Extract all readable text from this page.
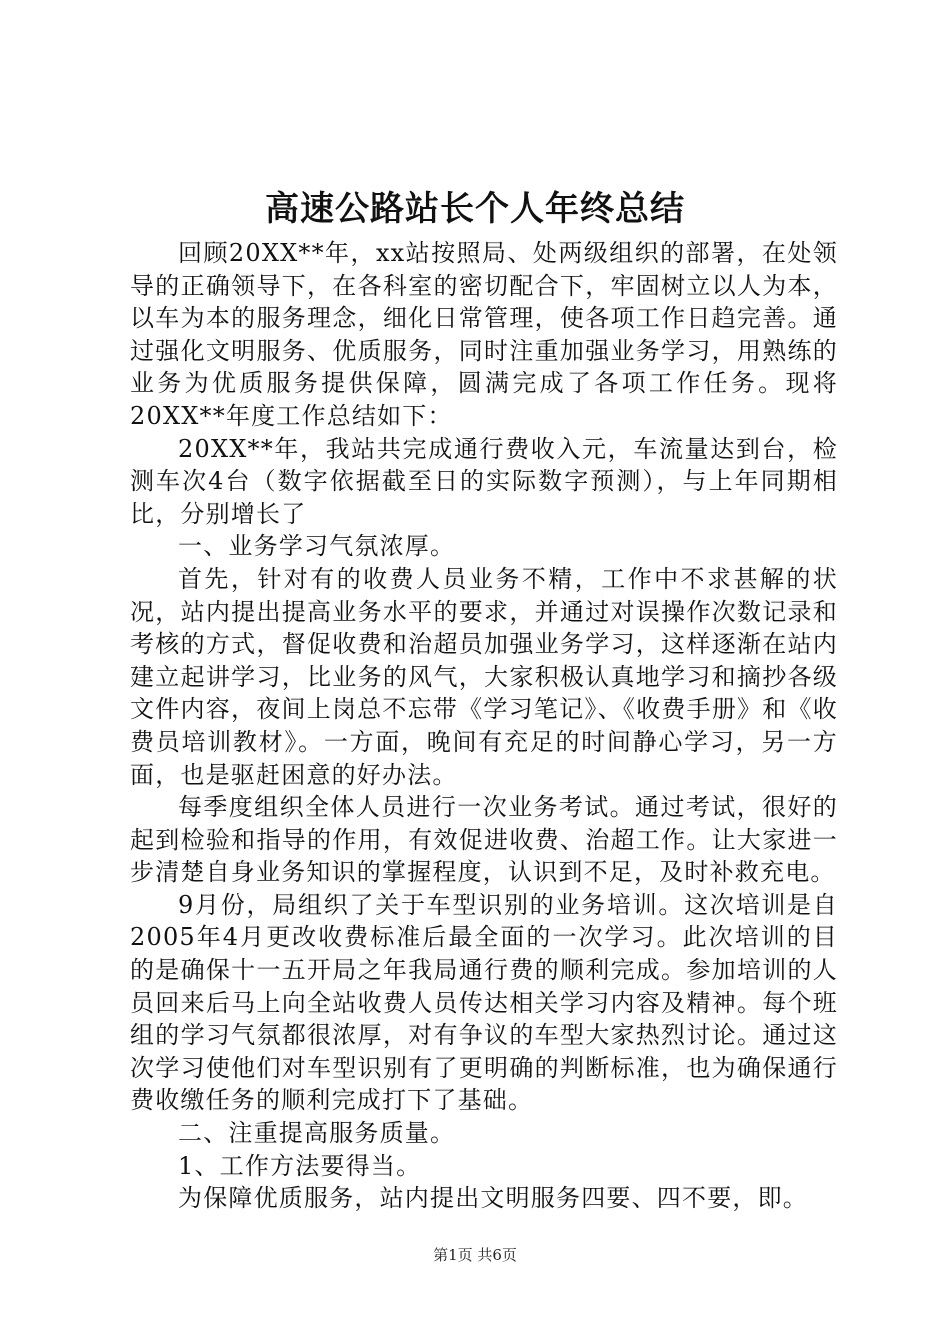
高速公路站长个人年终总结

回顾20XX**年，xx站按照局、处两级组织的部署，在处领导的正确领导下，在各科室的密切配合下，牢固树立以人为本，以车为本的服务理念，细化日常管理，使各项工作日趋完善。通过强化文明服务、优质服务，同时注重加强业务学习，用熟练的业务为优质服务提供保障，圆满完成了各项工作任务。现将20XX**年度工作总结如下：

20XX**年，我站共完成通行费收入元，车流量达到台，检测车次4台（数字依据截至日的实际数字预测），与上年同期相比，分别增长了

一、业务学习气氛浓厚。

首先，针对有的收费人员业务不精，工作中不求甚解的状况，站内提出提高业务水平的要求，并通过对误操作次数记录和考核的方式，督促收费和治超员加强业务学习，这样逐渐在站内建立起讲学习，比业务的风气，大家积极认真地学习和摘抄各级文件内容，夜间上岗总不忘带《学习笔记》、《收费手册》和《收费员培训教材》。一方面，晚间有充足的时间静心学习，另一方面，也是驱赶困意的好办法。

每季度组织全体人员进行一次业务考试。通过考试，很好的起到检验和指导的作用，有效促进收费、治超工作。让大家进一步清楚自身业务知识的掌握程度，认识到不足，及时补救充电。

9月份，局组织了关于车型识别的业务培训。这次培训是自2005年4月更改收费标准后最全面的一次学习。此次培训的目的是确保十一五开局之年我局通行费的顺利完成。参加培训的人员回来后马上向全站收费人员传达相关学习内容及精神。每个班组的学习气氛都很浓厚，对有争议的车型大家热烈讨论。通过这次学习使他们对车型识别有了更明确的判断标准，也为确保通行费收缴任务的顺利完成打下了基础。

二、注重提高服务质量。

1、工作方法要得当。

为保障优质服务，站内提出文明服务四要、四不要，即。

第1页 共6页
